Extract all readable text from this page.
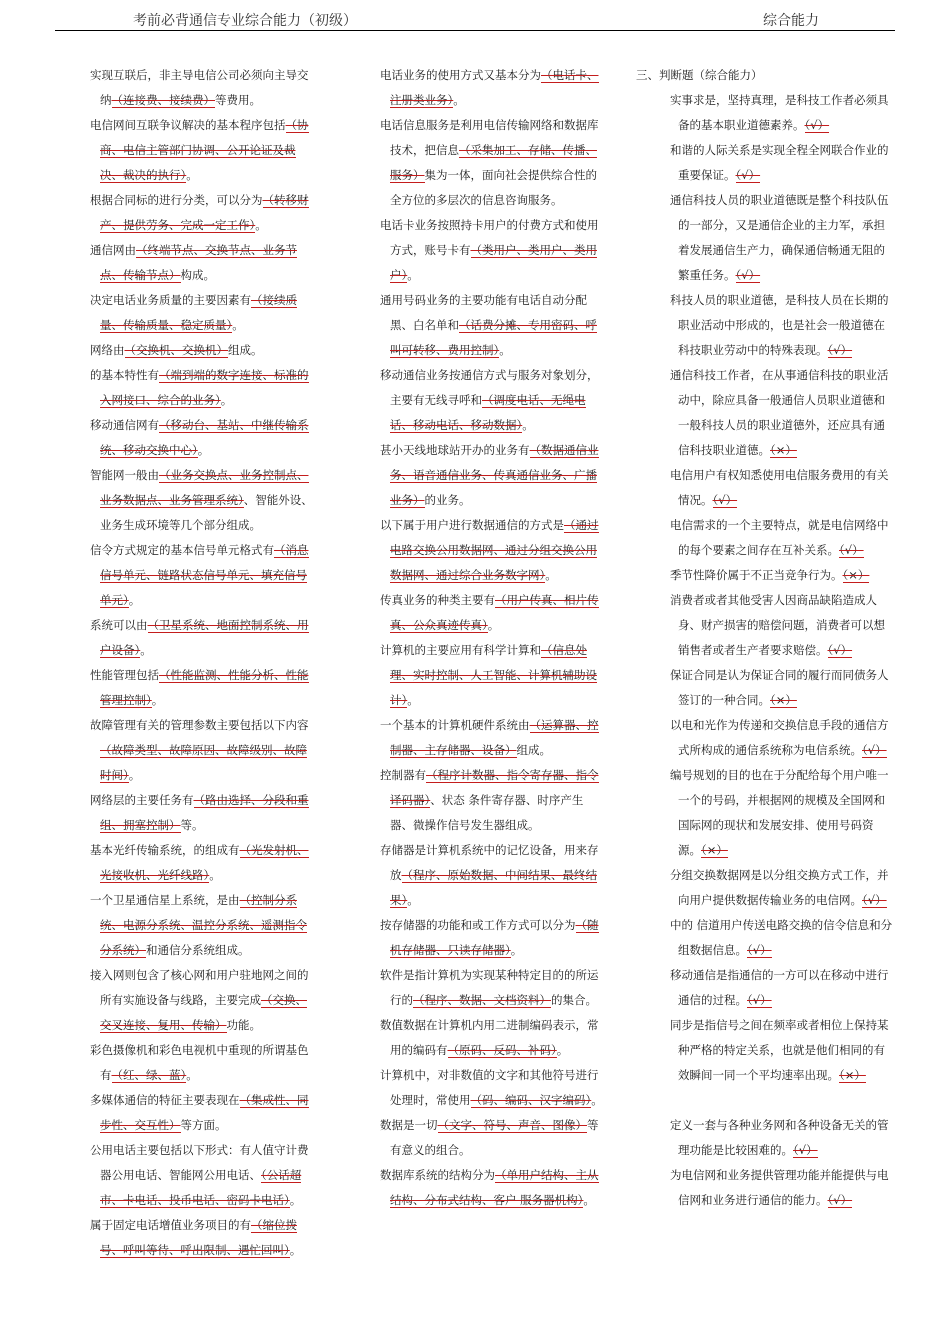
考前必背通信专业综合能力（初级）	综合能力
实现互联后，非主导电信公司必须向主导交纳（连接费、接续费）等费用。
电信网间互联争议解决的基本程序包括（协商、电信主管部门协调、公开论证及裁决、裁决的执行）。
根据合同标的进行分类，可以分为（转移财产、提供劳务、完成一定工作）。
通信网由（终端节点、交换节点、业务节点、传输节点）构成。
决定电话业务质量的主要因素有（接续质量、传输质量、稳定质量）。
网络由（交换机、交换机）组成。
的基本特性有（端到端的数字连接、标准的入网接口、综合的业务）。
移动通信网有（移动台、基站、中继传输系统、移动交换中心）。
智能网一般由（业务交换点、业务控制点、业务数据点、业务管理系统）、智能外设、业务生成环境等几个部分组成。
信令方式规定的基本信号单元格式有（消息信号单元、链路状态信号单元、填充信号单元）。
系统可以由（卫星系统、地面控制系统、用户设备）。
性能管理包括（性能监测、性能分析、性能管理控制）。
故障管理有关的管理参数主要包括以下内容（故障类型、故障原因、故障级别、故障时间）。
网络层的主要任务有（路由选择、分段和重组、拥塞控制）等。
基本光纤传输系统，的组成有（光发射机、光接收机、光纤线路）。
一个卫星通信星上系统，是由（控制分系统、电源分系统、温控分系统、遥测指令分系统）和通信分系统组成。
接入网则包含了核心网和用户驻地网之间的所有实施设备与线路，主要完成（交换、交叉连接、复用、传输）功能。
彩色摄像机和彩色电视机中重现的所谓基色有（红、绿、蓝）。
多媒体通信的特征主要表现在（集成性、同步性、交互性）等方面。
公用电话主要包括以下形式：有人值守计费器公用电话、智能网公用电话、（公话超市、卡电话、投币电话、密码卡电话）。
属于固定电话增值业务项目的有（缩位拨号、呼叫等待、呼出限制、遇忙回叫）。
电话业务的使用方式又基本分为（电话卡、注册类业务）。
电话信息服务是利用电信传输网络和数据库技术，把信息（采集加工、存储、传播、服务）集为一体，面向社会提供综合性的全方位的多层次的信息咨询服务。
电话卡业务按照持卡用户的付费方式和使用方式，账号卡有（类用户、类用户、类用户）。
通用号码业务的主要功能有电话自动分配黑、白名单和（话费分摊、专用密码、呼叫可转移、费用控制）。
移动通信业务按通信方式与服务对象划分，主要有无线寻呼和（调度电话、无绳电话、移动电话、移动数据）。
甚小天线地球站开办的业务有（数据通信业务、语音通信业务、传真通信业务、广播业务）的业务。
以下属于用户进行数据通信的方式是（通过电路交换公用数据网、通过分组交换公用数据网、通过综合业务数字网）。
传真业务的种类主要有（用户传真、相片传真、公众真迹传真）。
计算机的主要应用有科学计算和（信息处理、实时控制、人工智能、计算机辅助设计）。
一个基本的计算机硬件系统由（运算器、控制器、主存储器、设备）组成。
控制器有（程序计数器、指令寄存器、指令译码器）、状态 条件寄存器、时序产生器、微操作信号发生器组成。
存储器是计算机系统中的记忆设备，用来存放（程序、原始数据、中间结果、最终结果）。
按存储器的功能和或工作方式可以分为（随机存储器、只读存储器）。
软件是指计算机为实现某种特定目的的所运行的（程序、数据、文档资料）的集合。
数值数据在计算机内用二进制编码表示，常用的编码有（原码、反码、补码）。
计算机中，对非数值的文字和其他符号进行处理时，常使用（码、编码、汉字编码）。
数据是一切（文字、符号、声音、图像）等有意义的组合。
数据库系统的结构分为（单用户结构、主从结构、分布式结构、客户 服务器机构）。
三、判断题（综合能力）
实事求是，坚持真理，是科技工作者必须具备的基本职业道德素养。（√）
和谐的人际关系是实现全程全网联合作业的重要保证。（√）
通信科技人员的职业道德既是整个科技队伍的一部分，又是通信企业的主力军，承担着发展通信生产力，确保通信畅通无阻的繁重任务。（√）
科技人员的职业道德，是科技人员在长期的职业活动中形成的，也是社会一般道德在科技职业劳动中的特殊表现。（√）
通信科技工作者，在从事通信科技的职业活动中，除应具备一般通信人员职业道德和一般科技人员的职业道德外，还应具有通信科技职业道德。（×）
电信用户有权知悉使用电信服务费用的有关情况。（√）
电信需求的一个主要特点，就是电信网络中的每个要素之间存在互补关系。（√）
季节性降价属于不正当竞争行为。（×）
消费者或者其他受害人因商品缺陷造成人身、财产损害的赔偿问题，消费者可以想销售者或者生产者要求赔偿。（√）
保证合同是认为保证合同的履行而同债务人签订的一种合同。（×）
以电和光作为传递和交换信息手段的通信方式所构成的通信系统称为电信系统。（√）
编号规划的目的也在于分配给每个用户唯一一个的号码，并根据网的规模及全国网和国际网的现状和发展安排、使用号码资源。（×）
分组交换数据网是以分组交换方式工作，并向用户提供数据传输业务的电信网。（√）
中的 信道用户传送电路交换的信令信息和分组数据信息。（√）
移动通信是指通信的一方可以在移动中进行通信的过程。（√）
同步是指信号之间在频率或者相位上保持某种严格的特定关系，也就是他们相同的有效瞬间一同一个平均速率出现。（×）
定义一套与各种业务网和各种设备无关的管理功能是比较困难的。（√）
为电信网和业务提供管理功能并能提供与电信网和业务进行通信的能力。（√）
